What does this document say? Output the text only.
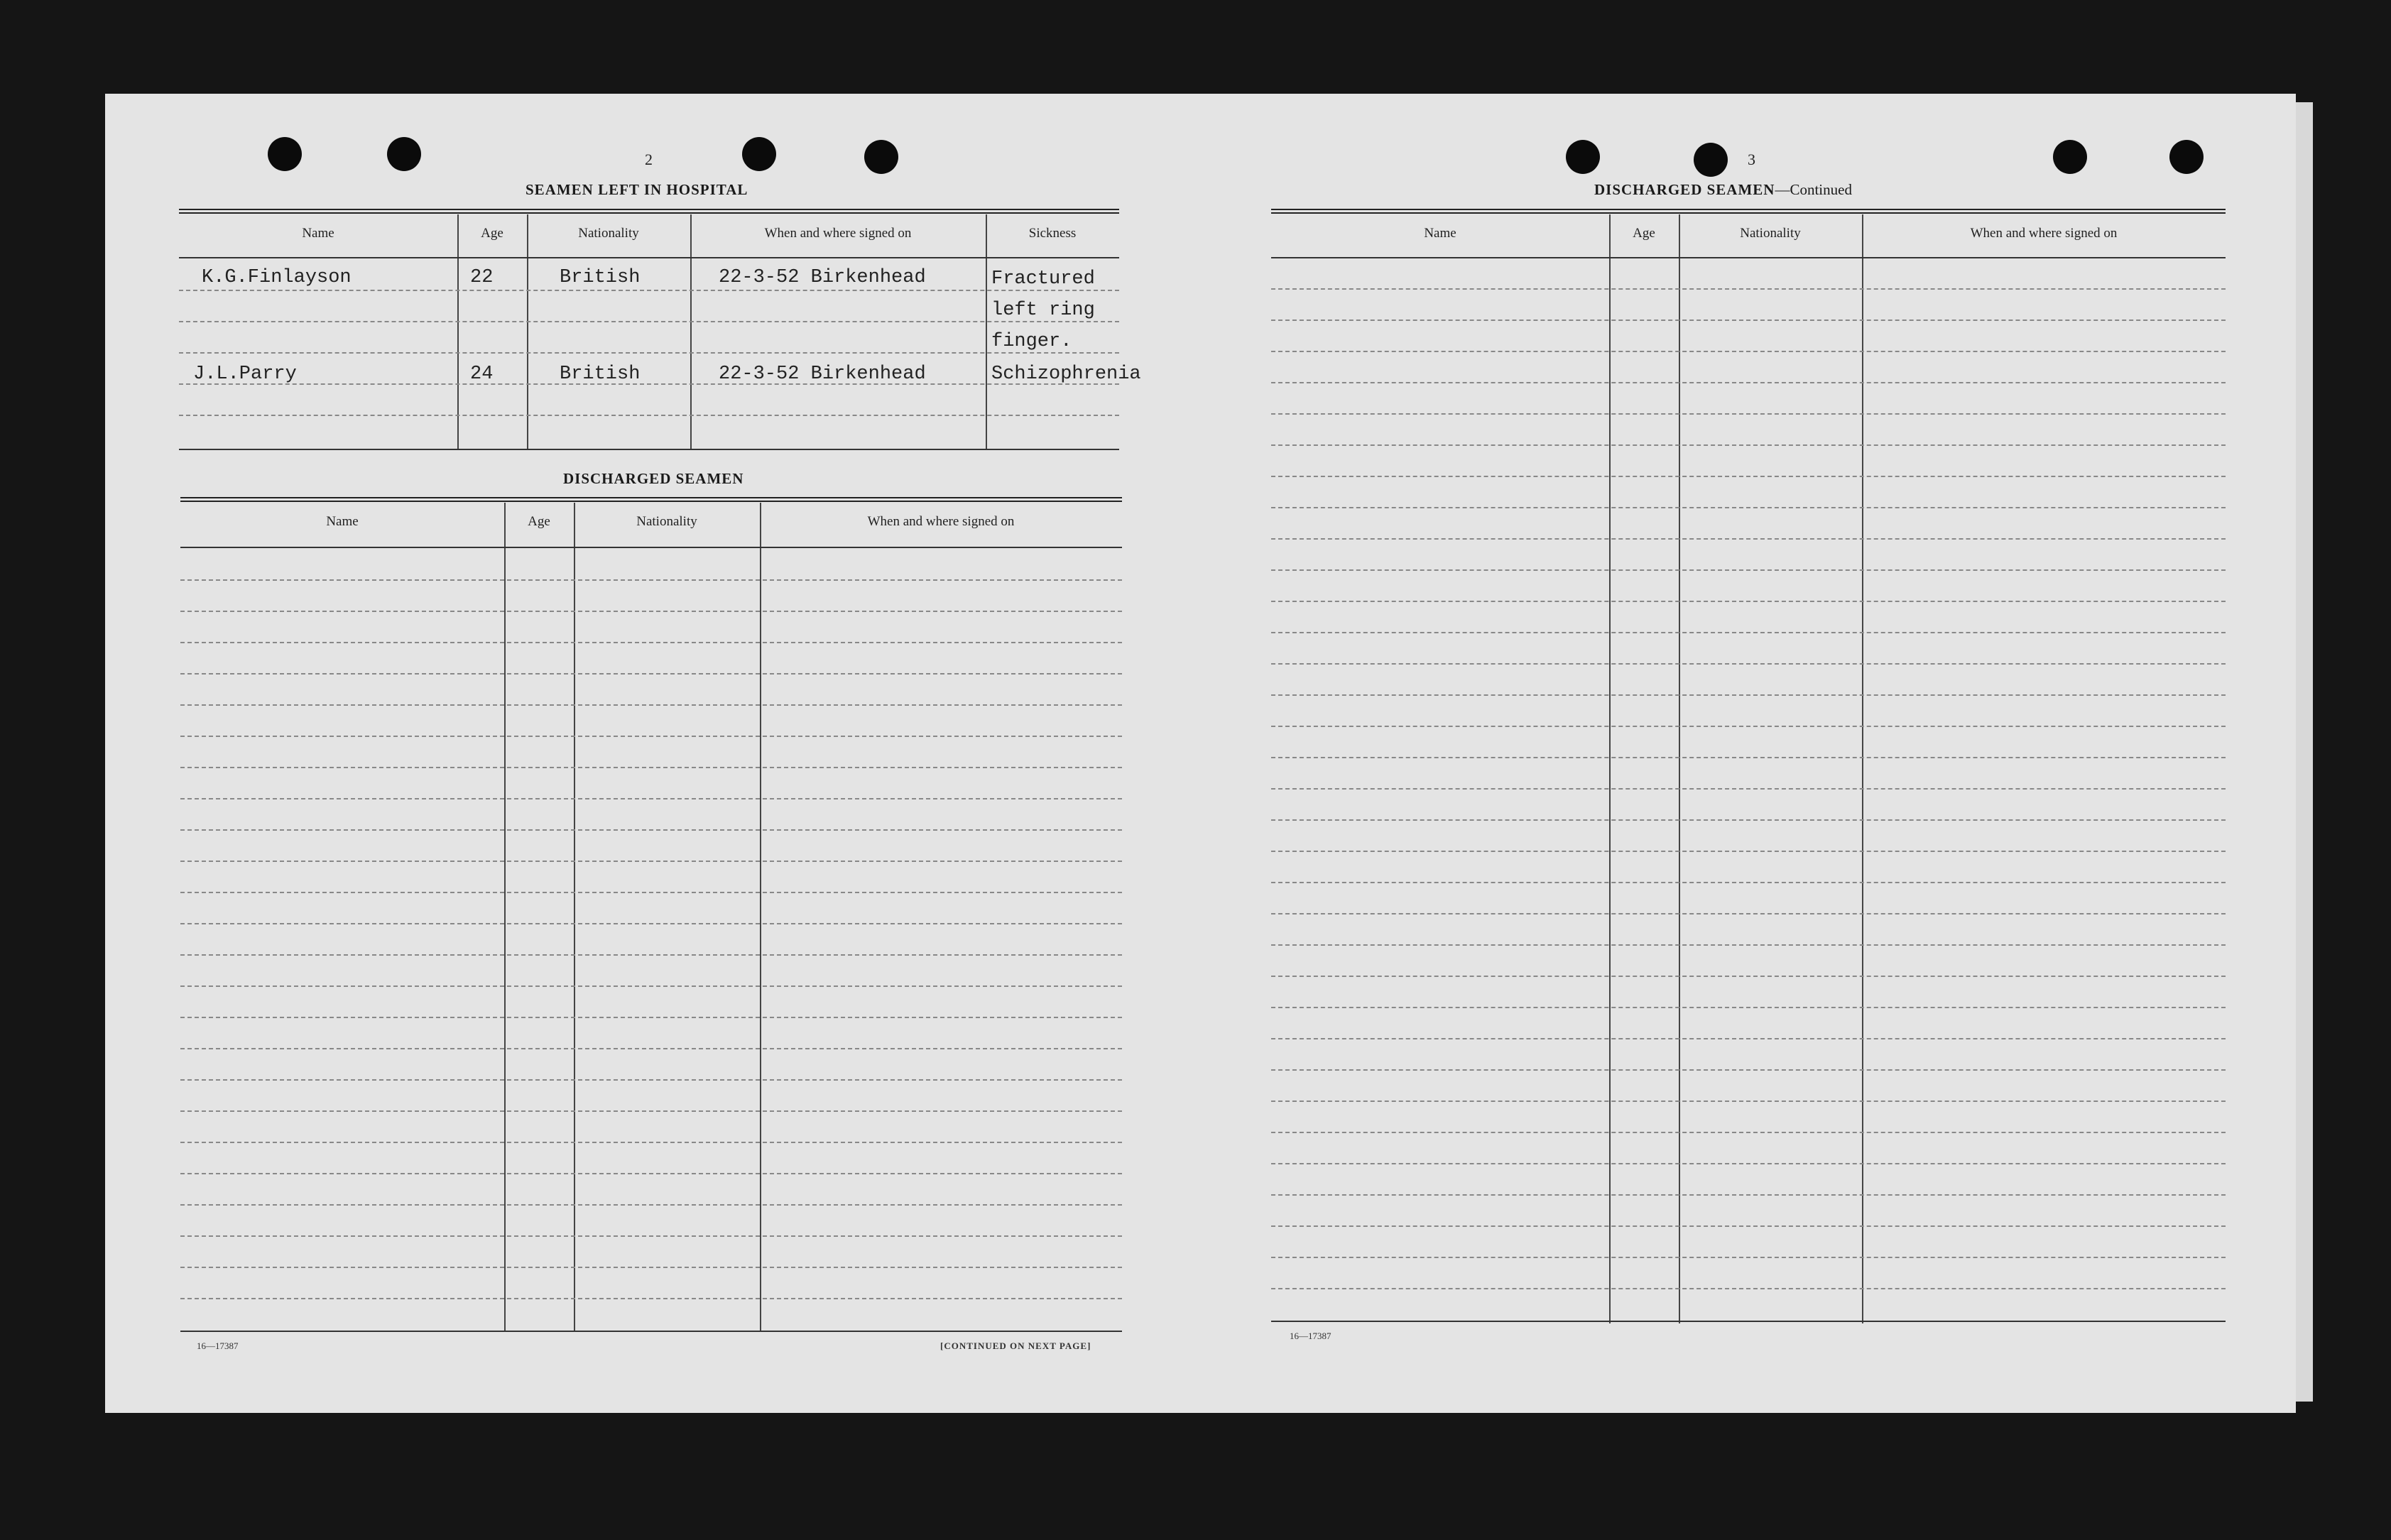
2
SEAMEN LEFT IN HOSPITAL
Name	Age	Nationality	When and where signed on	Sickness
K.G.Finlayson	22	British	22-3-52 Birkenhead	Fractured
left ring
finger.
J.L.Parry	24	British	22-3-52 Birkenhead	Schizophrenia
DISCHARGED SEAMEN
Name	Age	Nationality	When and where signed on
16—17387	[CONTINUED ON NEXT PAGE]
3
DISCHARGED SEAMEN—Continued
Name	Age	Nationality	When and where signed on
16—17387
